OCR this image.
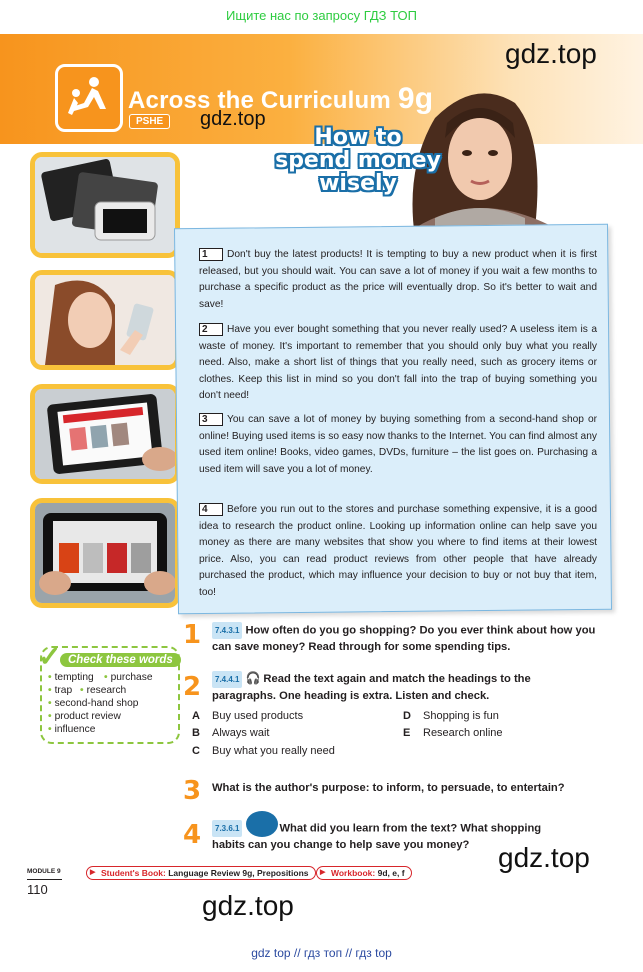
Ищите нас по запросу ГДЗ ТОП
Across the Curriculum 9g
PSHE
gdz.top
gdz.top
How to
spend money
wisely
1 Don't buy the latest products! It is tempting to buy a new product when it is first released, but you should wait. You can save a lot of money if you wait a few months to purchase a specific product as the price will eventually drop. So it's better to wait and save!
2 Have you ever bought something that you never really used? A useless item is a waste of money. It's important to remember that you should only buy what you really need. Also, make a short list of things that you really need, such as grocery items or clothes. Keep this list in mind so you don't fall into the trap of buying something you don't need!
3 You can save a lot of money by buying something from a second-hand shop or online! Buying used items is so easy now thanks to the Internet. You can find almost any used item online! Books, video games, DVDs, furniture – the list goes on. Purchasing a used item will save you a lot of money.
4 Before you run out to the stores and purchase something expensive, it is a good idea to research the product online. Looking up information online can help save you money as there are many websites that show you where to find items at their lowest price. Also, you can read product reviews from other people that have already purchased the product, which may influence your decision to buy or not buy that item, too!
Check these words
✓
• tempting • purchase
• trap • research
• second-hand shop
• product review
• influence
1	7.4.3.1 How often do you go shopping? Do you ever think about how you can save money? Read through for some spending tips.
2	7.4.4.1 🎧 Read the text again and match the headings to the paragraphs. One heading is extra. Listen and check.
A Buy used products
B Always wait
C Buy what you really need
D Shopping is fun
E Research online
3 What is the author's purpose: to inform, to persuade, to entertain?
4	7.3.6.1	What did you learn from the text? What shopping habits can you change to help save you money?
MODULE 9
110
▶ Student's Book: Language Review 9g, Prepositions
▶	Workbook: 9d, e, f	gdz.top
gdz.top
gdz top // гдз топ // гдз top
